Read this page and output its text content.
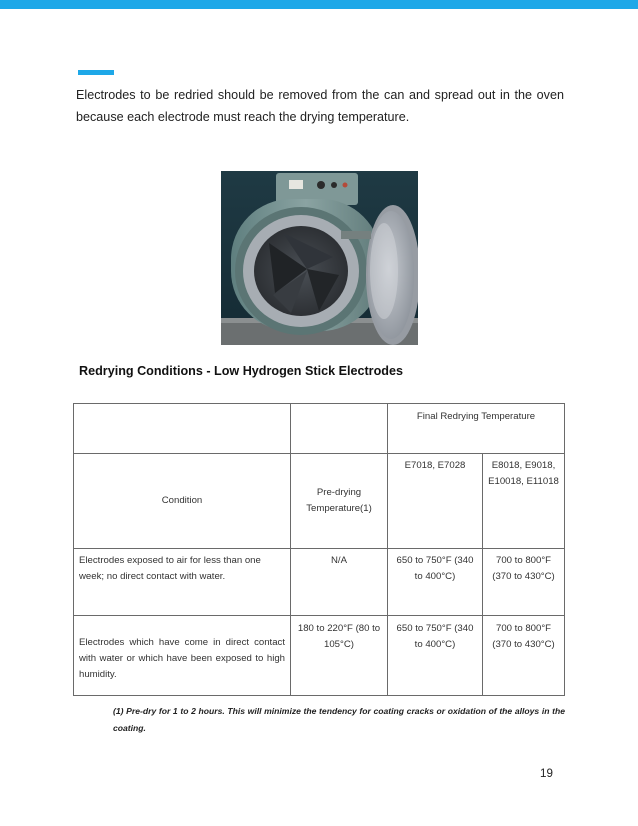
Electrodes to be redried should be removed from the can and spread out in the oven because each electrode must reach the drying temperature.

Redrying Conditions - Low Hydrogen Stick Electrodes
		Final Redrying Temperature	
Condition	Pre-drying Temperature(1)	E7018, E7028	E8018, E9018, E10018, E11018
Electrodes exposed to air for less than one week; no direct contact with water.	N/A	650 to 750°F (340 to 400°C)	700 to 800°F (370 to 430°C)
Electrodes which have come in direct contact with water or which have been exposed to high humidity.	180 to 220°F (80 to 105°C)	650 to 750°F (340 to 400°C)	700 to 800°F (370 to 430°C)

(1) Pre-dry for 1 to 2 hours. This will minimize the tendency for coating cracks or oxidation of the alloys in the coating.

19
